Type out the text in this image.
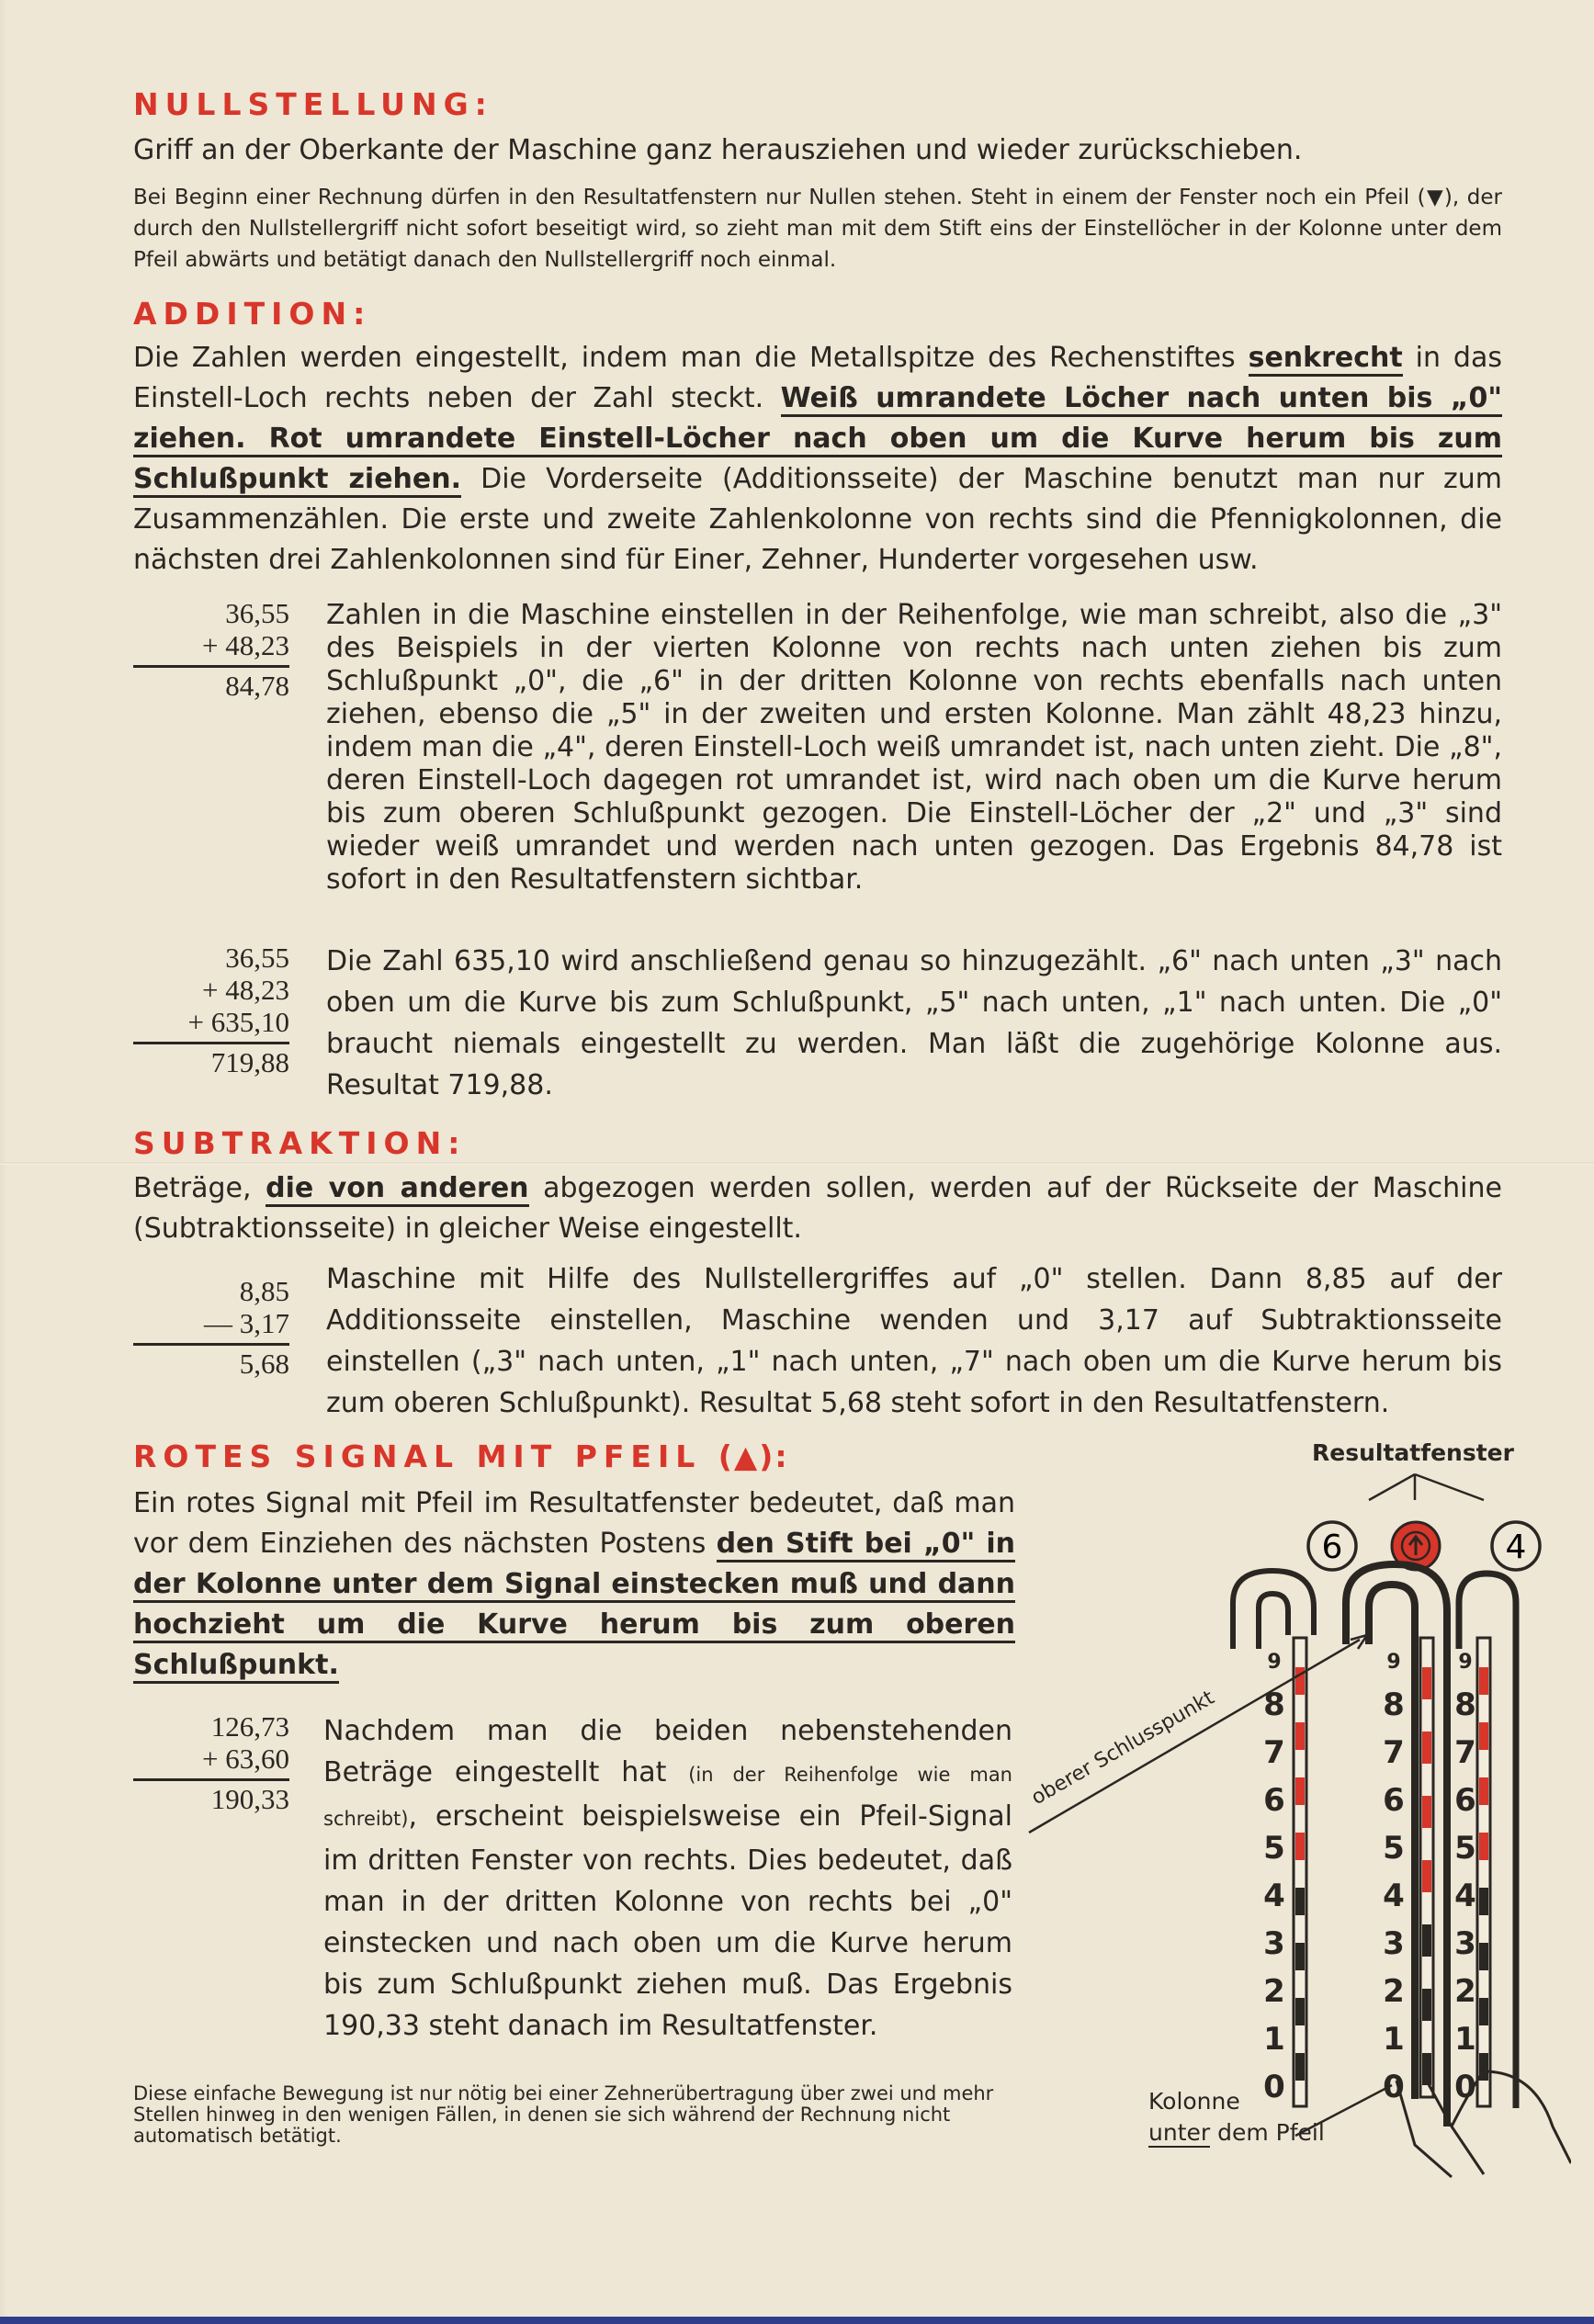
NULLSTELLUNG:
Griff an der Oberkante der Maschine ganz herausziehen und wieder zurückschieben.
Bei Beginn einer Rechnung dürfen in den Resultatfenstern nur Nullen stehen. Steht in einem der Fenster noch ein Pfeil (▼), der durch den Nullstellergriff nicht sofort beseitigt wird, so zieht man mit dem Stift eins der Einstellöcher in der Kolonne unter dem Pfeil abwärts und betätigt danach den Nullstellergriff noch einmal.
ADDITION:
Die Zahlen werden eingestellt, indem man die Metallspitze des Rechenstiftes senkrecht in das Einstell-Loch rechts neben der Zahl steckt. Weiß umrandete Löcher nach unten bis „0" ziehen. Rot umrandete Einstell-Löcher nach oben um die Kurve herum bis zum Schlußpunkt ziehen. Die Vorderseite (Additionsseite) der Maschine benutzt man nur zum Zusammenzählen. Die erste und zweite Zahlenkolonne von rechts sind die Pfennigkolonnen, die nächsten drei Zahlenkolonnen sind für Einer, Zehner, Hunderter vorgesehen usw.
36,55
+ 48,23
84,78
Zahlen in die Maschine einstellen in der Reihenfolge, wie man schreibt, also die „3" des Beispiels in der vierten Kolonne von rechts nach unten ziehen bis zum Schlußpunkt „0", die „6" in der dritten Kolonne von rechts ebenfalls nach unten ziehen, ebenso die „5" in der zweiten und ersten Kolonne. Man zählt 48,23 hinzu, indem man die „4", deren Einstell-Loch weiß umrandet ist, nach unten zieht. Die „8", deren Einstell-Loch dagegen rot umrandet ist, wird nach oben um die Kurve herum bis zum oberen Schlußpunkt gezogen. Die Einstell-Löcher der „2" und „3" sind wieder weiß umrandet und werden nach unten gezogen. Das Ergebnis 84,78 ist sofort in den Resultatfenstern sichtbar.
36,55
+ 48,23
+ 635,10
719,88
Die Zahl 635,10 wird anschließend genau so hinzugezählt. „6" nach unten „3" nach oben um die Kurve bis zum Schlußpunkt, „5" nach unten, „1" nach unten. Die „0" braucht niemals eingestellt zu werden. Man läßt die zugehörige Kolonne aus. Resultat 719,88.
SUBTRAKTION:
Beträge, die von anderen abgezogen werden sollen, werden auf der Rückseite der Maschine (Subtraktionsseite) in gleicher Weise eingestellt.
8,85
— 3,17
5,68
Maschine mit Hilfe des Nullstellergriffes auf „0" stellen. Dann 8,85 auf der Additionsseite einstellen, Maschine wenden und 3,17 auf Subtraktionsseite einstellen („3" nach unten, „1" nach unten, „7" nach oben um die Kurve herum bis zum oberen Schlußpunkt). Resultat 5,68 steht sofort in den Resultatfenstern.
ROTES SIGNAL MIT PFEIL (▲):
Ein rotes Signal mit Pfeil im Resultatfenster bedeutet, daß man vor dem Einziehen des nächsten Postens den Stift bei „0" in der Kolonne unter dem Signal einstecken muß und dann hochzieht um die Kurve herum bis zum oberen Schlußpunkt.
126,73
+ 63,60
190,33
Nachdem man die beiden nebenstehenden Beträge eingestellt hat (in der Reihenfolge wie man schreibt), erscheint beispielsweise ein Pfeil-Signal im dritten Fenster von rechts. Dies bedeutet, daß man in der dritten Kolonne von rechts bei „0" einstecken und nach oben um die Kurve herum bis zum Schlußpunkt ziehen muß. Das Ergebnis 190,33 steht danach im Resultatfenster.
Diese einfache Bewegung ist nur nötig bei einer Zehnerübertragung über zwei und mehr Stellen hinweg in den wenigen Fällen, in denen sie sich während der Rechnung nicht automatisch betätigt.
Resultatfenster
6	4
oberer Schlusspunkt
9
8
7
6
5
4
3
2
1
0
9
8
7
6
5
4
3
2
1
0
9
8
7
6
5
4
3
2
1
0
Kolonne
unter dem Pfeil
